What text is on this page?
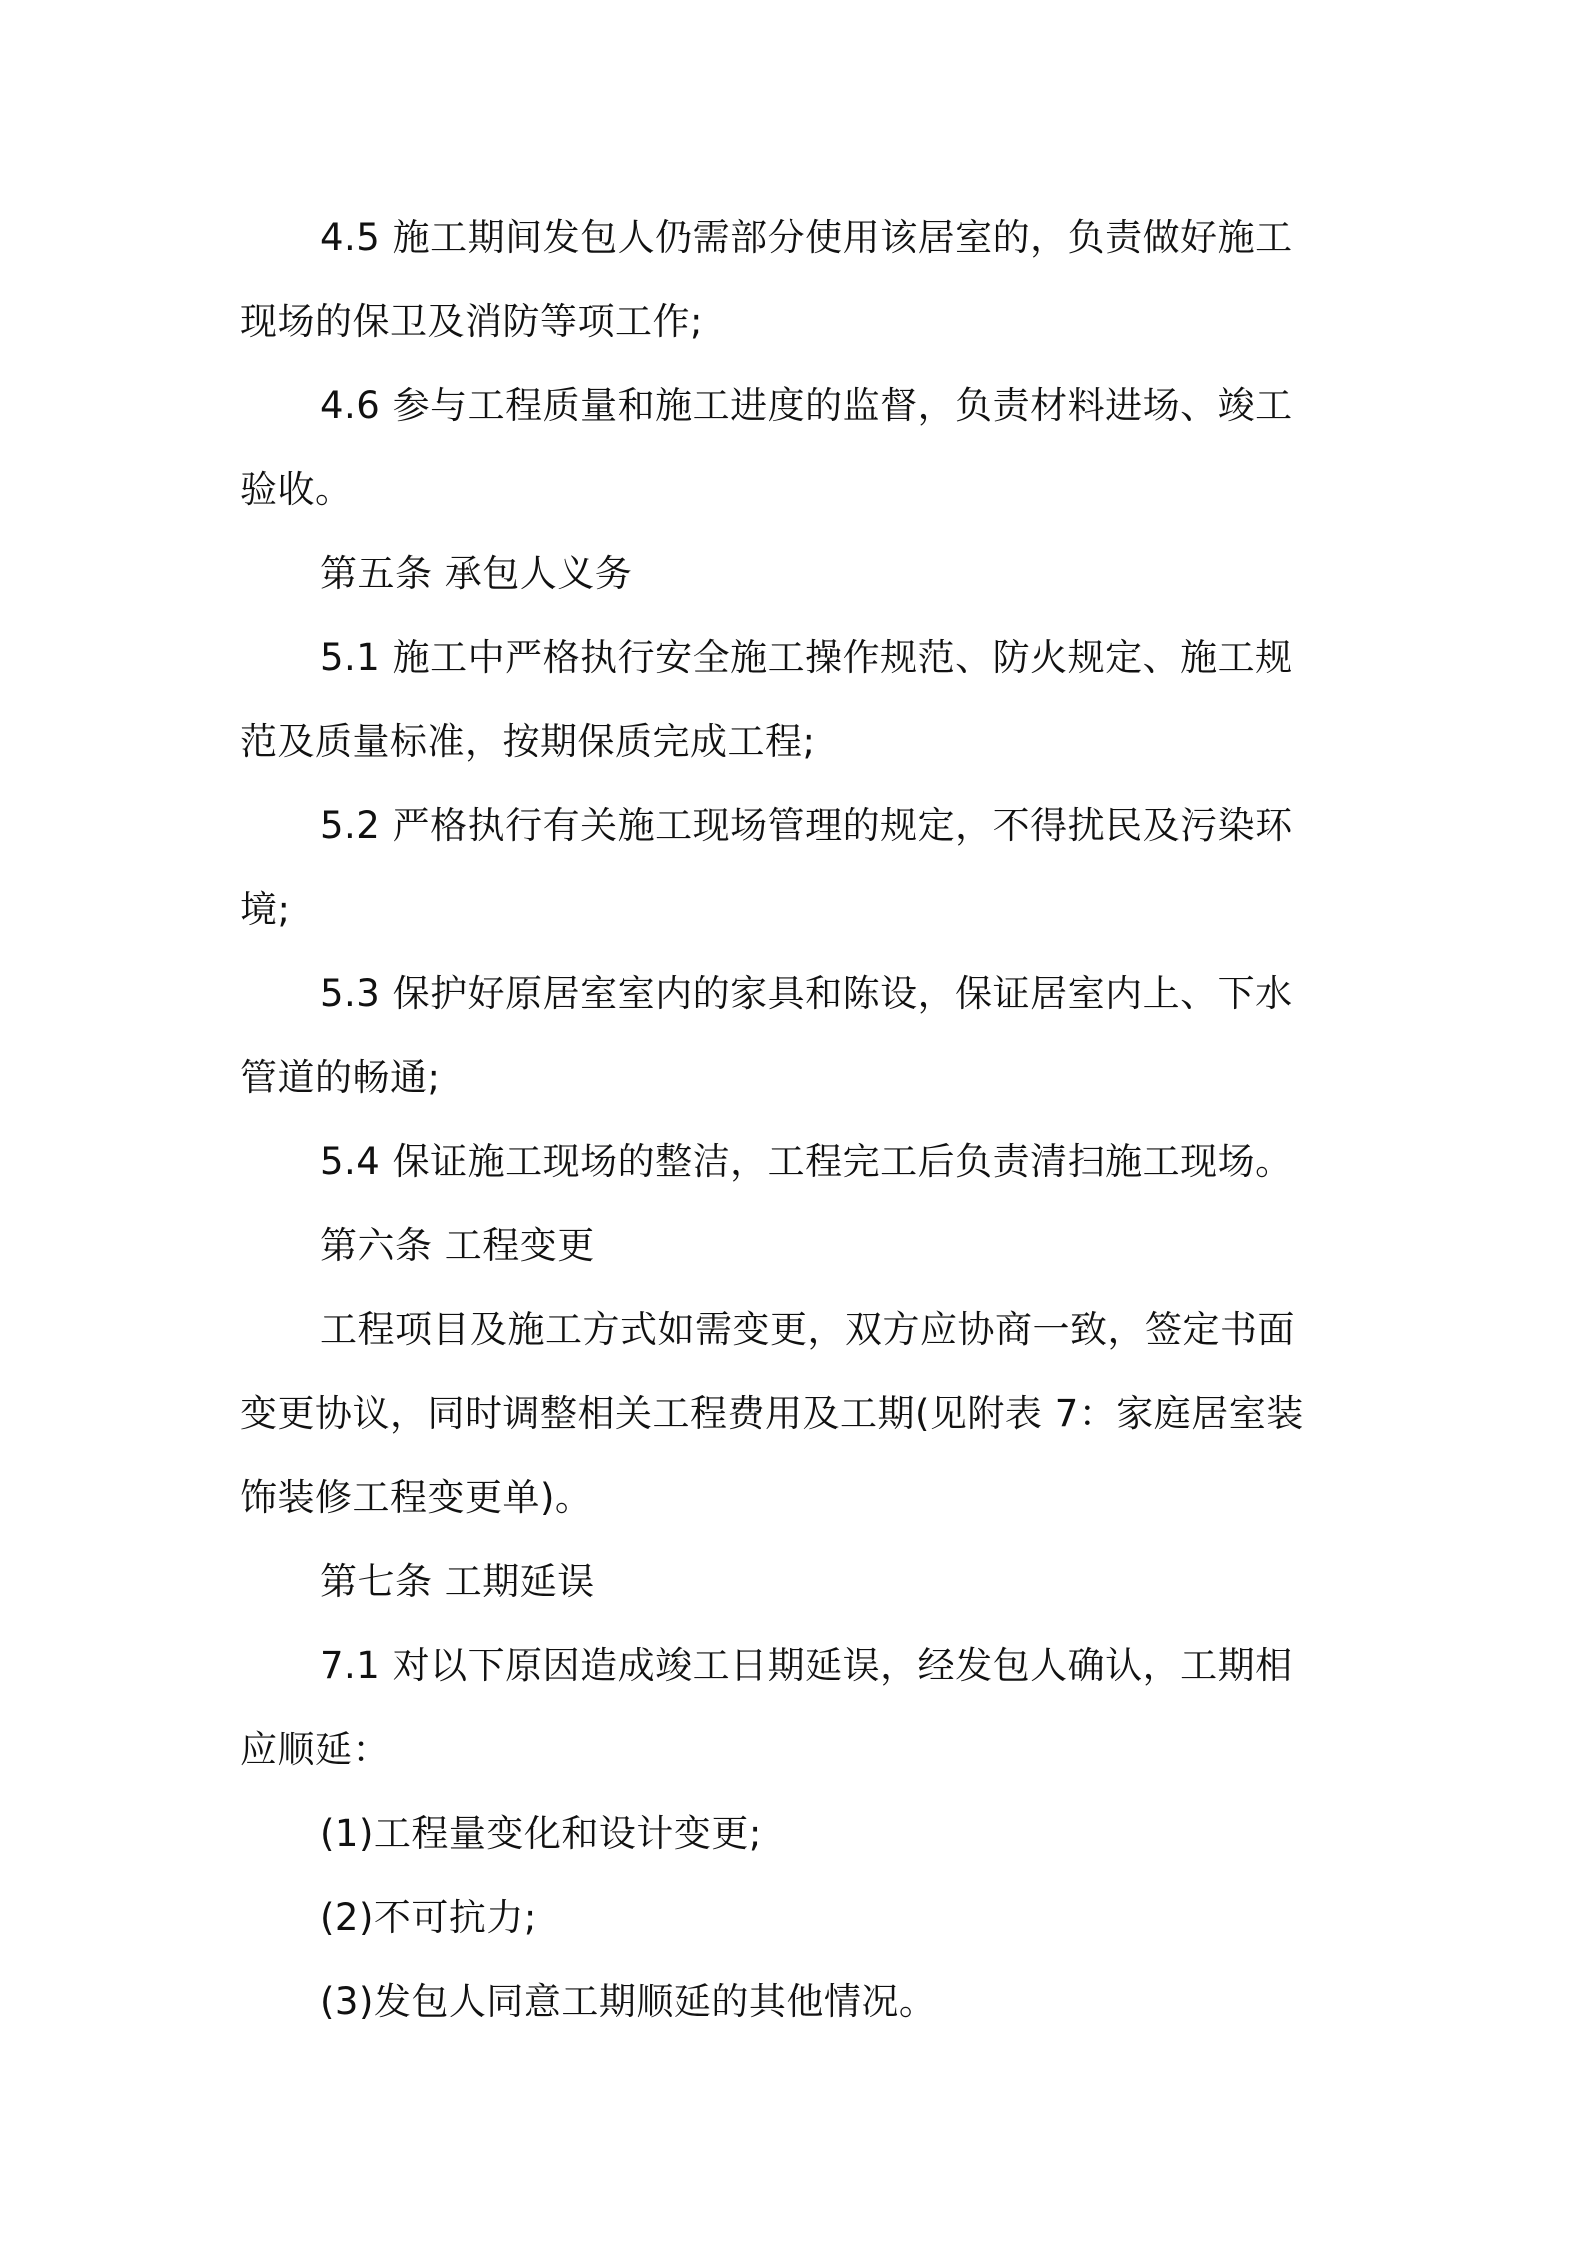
4.5 施工期间发包人仍需部分使用该居室的，负责做好施工
现场的保卫及消防等项工作;
4.6 参与工程质量和施工进度的监督，负责材料进场、竣工
验收。
第五条 承包人义务
5.1 施工中严格执行安全施工操作规范、防火规定、施工规
范及质量标准，按期保质完成工程;
5.2 严格执行有关施工现场管理的规定，不得扰民及污染环
境;
5.3 保护好原居室室内的家具和陈设，保证居室内上、下水
管道的畅通;
5.4 保证施工现场的整洁，工程完工后负责清扫施工现场。
第六条 工程变更
工程项目及施工方式如需变更，双方应协商一致，签定书面
变更协议，同时调整相关工程费用及工期(见附表 7：家庭居室装
饰装修工程变更单)。
第七条 工期延误
7.1 对以下原因造成竣工日期延误，经发包人确认，工期相
应顺延：
(1)工程量变化和设计变更;
(2)不可抗力;
(3)发包人同意工期顺延的其他情况。
